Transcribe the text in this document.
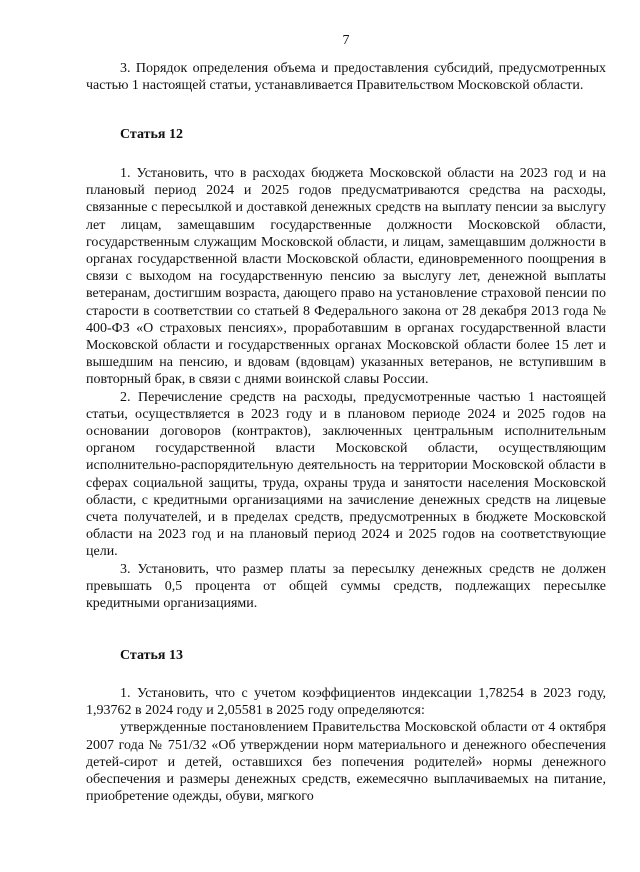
7

3. Порядок определения объема и предоставления субсидий, предусмотренных частью 1 настоящей статьи, устанавливается Правительством Московской области.

Статья 12

1. Установить, что в расходах бюджета Московской области на 2023 год и на плановый период 2024 и 2025 годов предусматриваются средства на расходы, связанные с пересылкой и доставкой денежных средств на выплату пенсии за выслугу лет лицам, замещавшим государственные должности Московской области, государственным служащим Московской области, и лицам, замещавшим должности в органах государственной власти Московской области, единовременного поощрения в связи с выходом на государственную пенсию за выслугу лет, денежной выплаты ветеранам, достигшим возраста, дающего право на установление страховой пенсии по старости в соответствии со статьей 8 Федерального закона от 28 декабря 2013 года № 400-ФЗ «О страховых пенсиях», проработавшим в органах государственной власти Московской области и государственных органах Московской области более 15 лет и вышедшим на пенсию, и вдовам (вдовцам) указанных ветеранов, не вступившим в повторный брак, в связи с днями воинской славы России.

2. Перечисление средств на расходы, предусмотренные частью 1 настоящей статьи, осуществляется в 2023 году и в плановом периоде 2024 и 2025 годов на основании договоров (контрактов), заключенных центральным исполнительным органом государственной власти Московской области, осуществляющим исполнительно-распорядительную деятельность на территории Московской области в сферах социальной защиты, труда, охраны труда и занятости населения Московской области, с кредитными организациями на зачисление денежных средств на лицевые счета получателей, и в пределах средств, предусмотренных в бюджете Московской области на 2023 год и на плановый период 2024 и 2025 годов на соответствующие цели.

3. Установить, что размер платы за пересылку денежных средств не должен превышать 0,5 процента от общей суммы средств, подлежащих пересылке кредитными организациями.

Статья 13

1. Установить, что с учетом коэффициентов индексации 1,78254 в 2023 году, 1,93762 в 2024 году и 2,05581 в 2025 году определяются:

утвержденные постановлением Правительства Московской области от 4 октября 2007 года № 751/32 «Об утверждении норм материального и денежного обеспечения детей-сирот и детей, оставшихся без попечения родителей» нормы денежного обеспечения и размеры денежных средств, ежемесячно выплачиваемых на питание, приобретение одежды, обуви, мягкого
